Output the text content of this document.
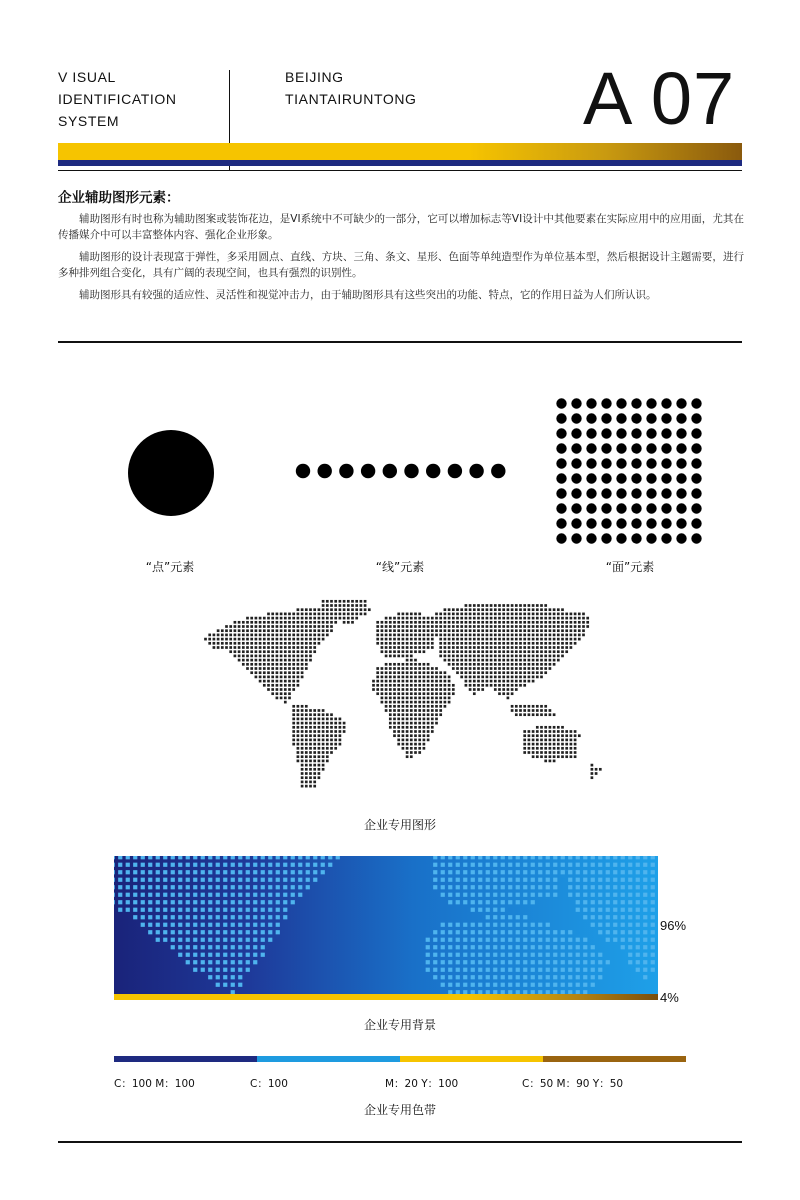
V ISUAL
IDENTIFICATION
SYSTEM
BEIJING
TIANTAIRUNTONG A 07
企业辅助图形元素：

辅助图形有时也称为辅助图案或装饰花边，是VI系统中不可缺少的一部分，它可以增加标志等VI设计中其他要素在实际应用中的应用面，尤其在传播媒介中可以丰富整体内容、强化企业形象。

辅助图形的设计表现富于弹性，多采用圆点、直线、方块、三角、条文、星形、色面等单纯造型作为单位基本型，然后根据设计主题需要，进行多种排列组合变化，具有广阔的表现空间，也具有强烈的识别性。

辅助图形具有较强的适应性、灵活性和视觉冲击力，由于辅助图形具有这些突出的功能、特点，它的作用日益为人们所认识。

“点”元素	“线”元素	“面”元素
企业专用图形
96%
4%
企业专用背景
C：100 M：100	C：100	M：20 Y：100	C：50 M：90 Y：50
企业专用色带
